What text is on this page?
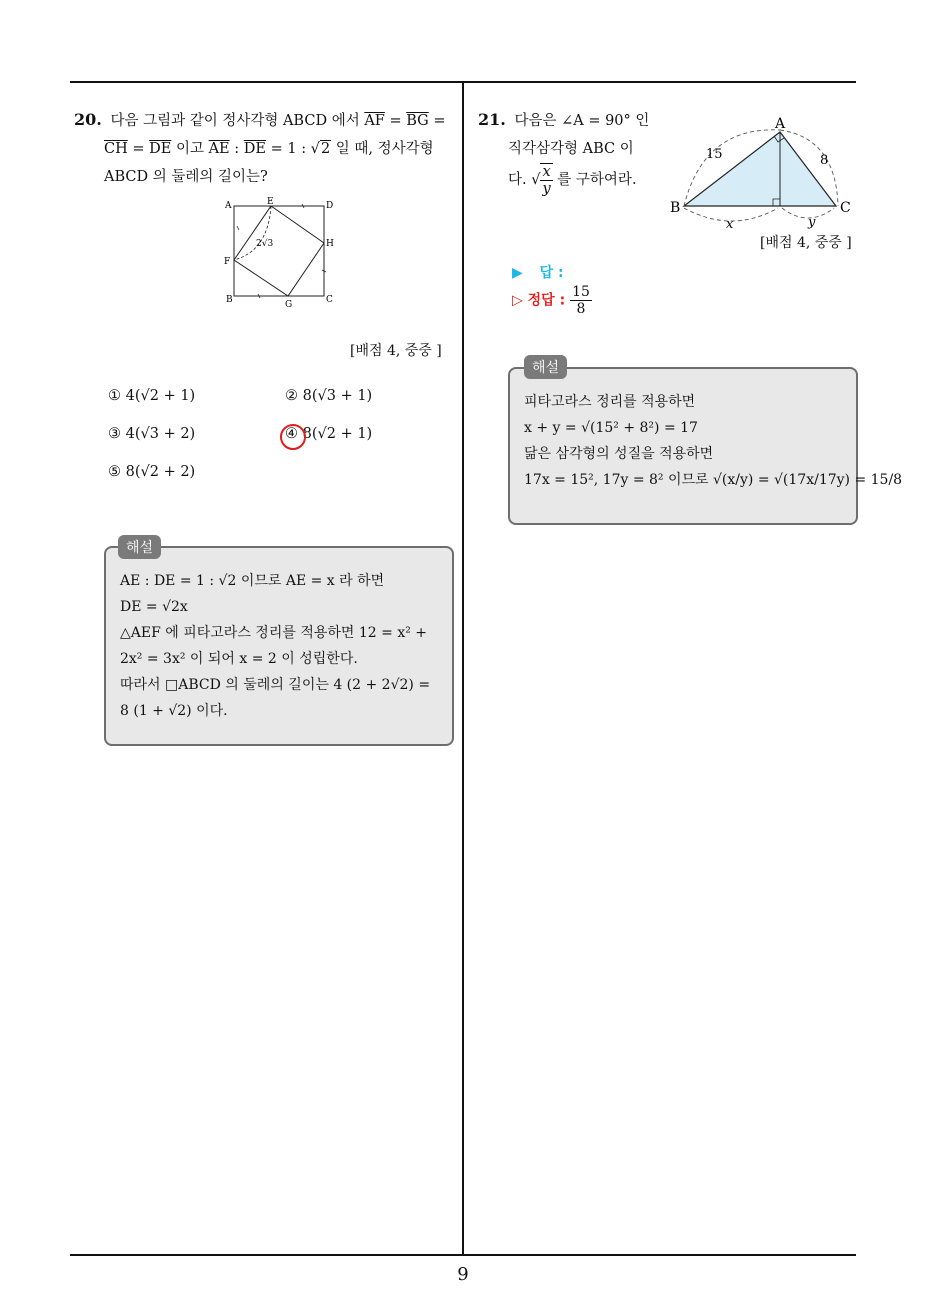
20. 다음 그림과 같이 정사각형 ABCD 에서 $\overline{AF} = \overline{BG}$ =
$\overline{CH} = \overline{DE}$ 이고 $\overline{AE}$ : $\overline{DE} = 1$ : √2 일 때, 정사각형
ABCD 의 둘레의 길이는?
A	E	D
F
H
B	G	C
2√3
[배점 4, 중중 ]
① 4(√2 + 1)	② 8(√3 + 1)
③ 4(√3 + 2)	④ 8(√2 + 1)
⑤ 8(√2 + 2)
AE : DE = 1 : √2 이므로 AE = x 라 하면
DE = √2x
△AEF 에 피타고라스 정리를 적용하면 12 = x² +
2x² = 3x² 이 되어 x = 2 이 성립한다.
따라서 □ABCD 의 둘레의 길이는 4 (2 + 2√2) =
8 (1 + √2) 이다.
해설
21. 다음은 ∠A = 90° 인
직각삼각형 ABC 이
다. √ $\frac{x}{y}$ 를 구하여라.
A
B	C
15	8
x	y
[배점 4, 중중 ]
▶ 답 :
▷ 정답 : $\frac{15}{8}$
피타고라스 정리를 적용하면
x + y = √(15² + 8²) = 17
닮은 삼각형의 성질을 적용하면
17x = 15², 17y = 8² 이므로 √(x/y) = √(17x/17y) = 15/8
해설
9
